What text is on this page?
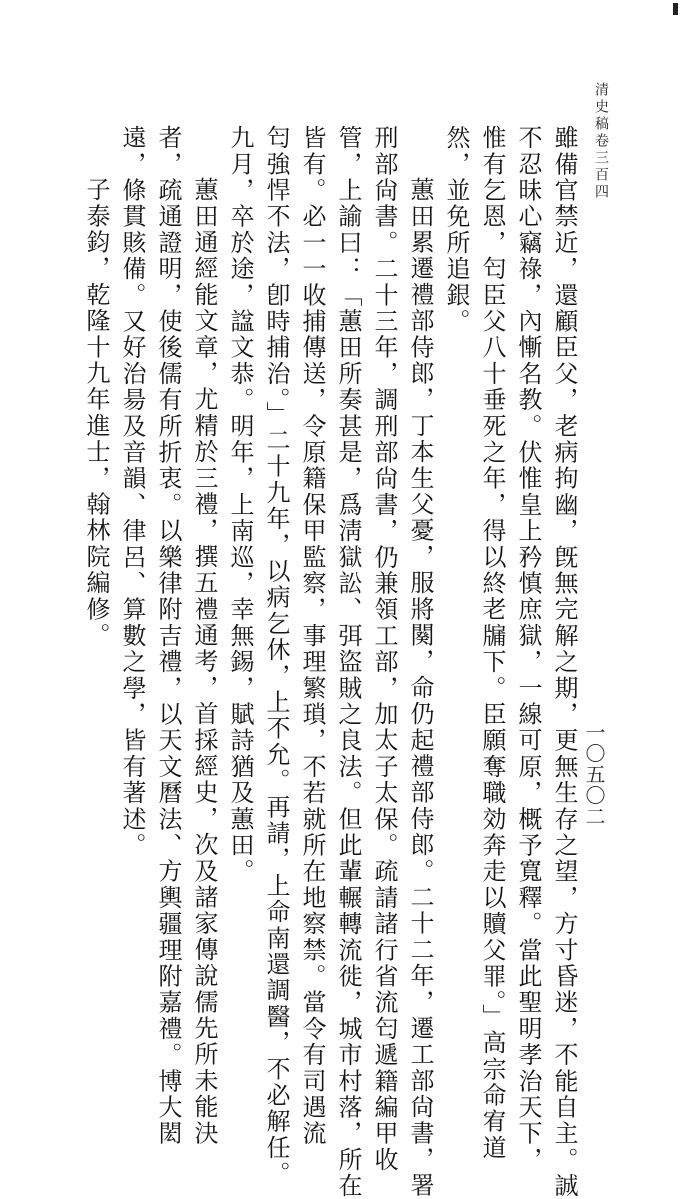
清史稿卷三百四
一〇五〇二
雖備官禁近，還顧臣父，老病拘幽，旣無完解之期，更無生存之望，方寸昏迷，不能自主。誠
不忍昧心竊祿，內慚名教。伏惟皇上矜慎庶獄，一線可原，概予寬釋。當此聖明孝治天下，
惟有乞恩，匄臣父八十垂死之年，得以終老牖下。臣願奪職効奔走以贖父罪。」高宗命宥道
然，並免所追銀。
蕙田累遷禮部侍郎，丁本生父憂，服將闋，命仍起禮部侍郎。二十二年，遷工部尙書，署
刑部尙書。二十三年，調刑部尙書，仍兼領工部，加太子太保。疏請諸行省流匄遞籍編甲收
管，上諭曰：「蕙田所奏甚是，爲淸獄訟、弭盜賊之良法。但此輩輾轉流徙，城市村落，所在
皆有。必一一收捕傳送，令原籍保甲監察，事理繁瑣，不若就所在地察禁。當令有司遇流
匄強悍不法，卽時捕治。」二十九年，以病乞休，上不允。再請，上命南還調醫，不必解任。
九月，卒於途，諡文恭。明年，上南巡，幸無錫，賦詩猶及蕙田。
蕙田通經能文章，尤精於三禮，撰五禮通考，首採經史，次及諸家傳說儒先所未能決
者，疏通證明，使後儒有所折衷。以樂律附吉禮，以天文曆法、方輿疆理附嘉禮。博大閎
遠，條貫賅備。又好治昜及音韻、律呂、算數之學，皆有著述。
子泰鈞，乾隆十九年進士，翰林院編修。
